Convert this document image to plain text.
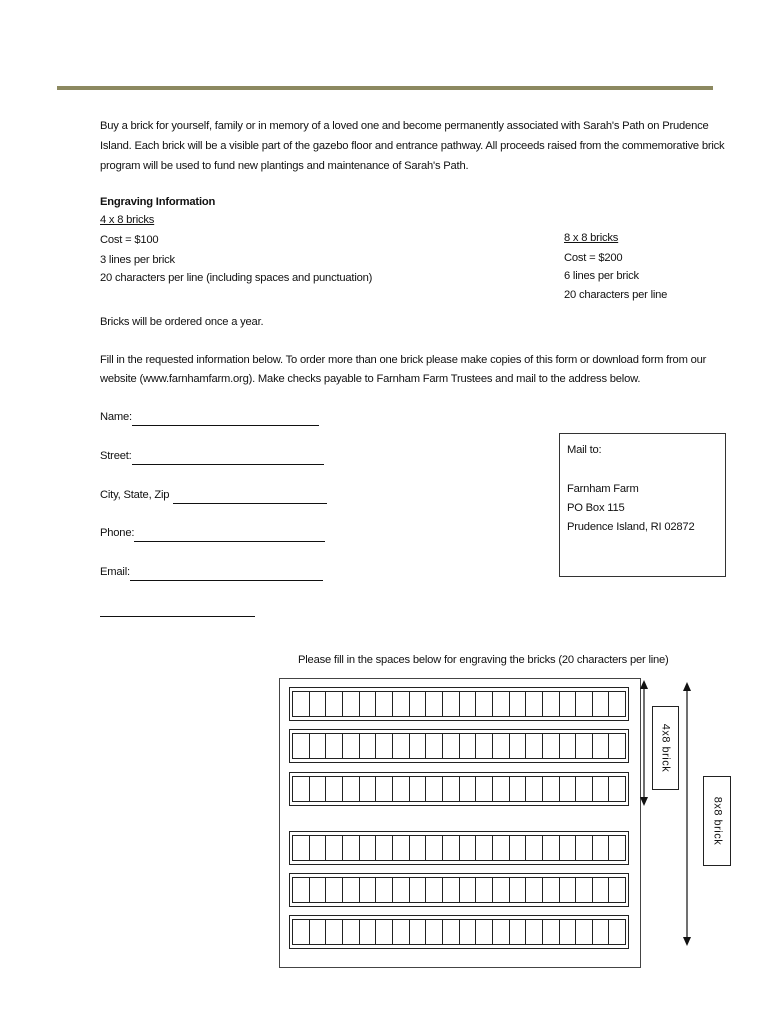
Buy a brick for yourself, family or in memory of a loved one and become permanently associated with Sarah's Path on Prudence Island. Each brick will be a visible part of the gazebo floor and entrance pathway. All proceeds raised from the commemorative brick program will be used to fund new plantings and maintenance of Sarah's Path.
Engraving Information
4 x 8 bricks
Cost = $100
3 lines per brick
20 characters per line (including spaces and punctuation)
8 x 8 bricks
Cost = $200
6 lines per brick
20 characters per line
Bricks will be ordered once a year.
Fill in the requested information below. To order more than one brick please make copies of this form or download form from our website (www.farnhamfarm.org). Make checks payable to Farnham Farm Trustees and mail to the address below.
Name:
Street:
City, State, Zip
Phone:
Email:
Mail to:
Farnham Farm
PO Box 115
Prudence Island, RI 02872
Please fill in the spaces below for engraving the bricks (20 characters per line)
4x8 brick
8x8 brick
